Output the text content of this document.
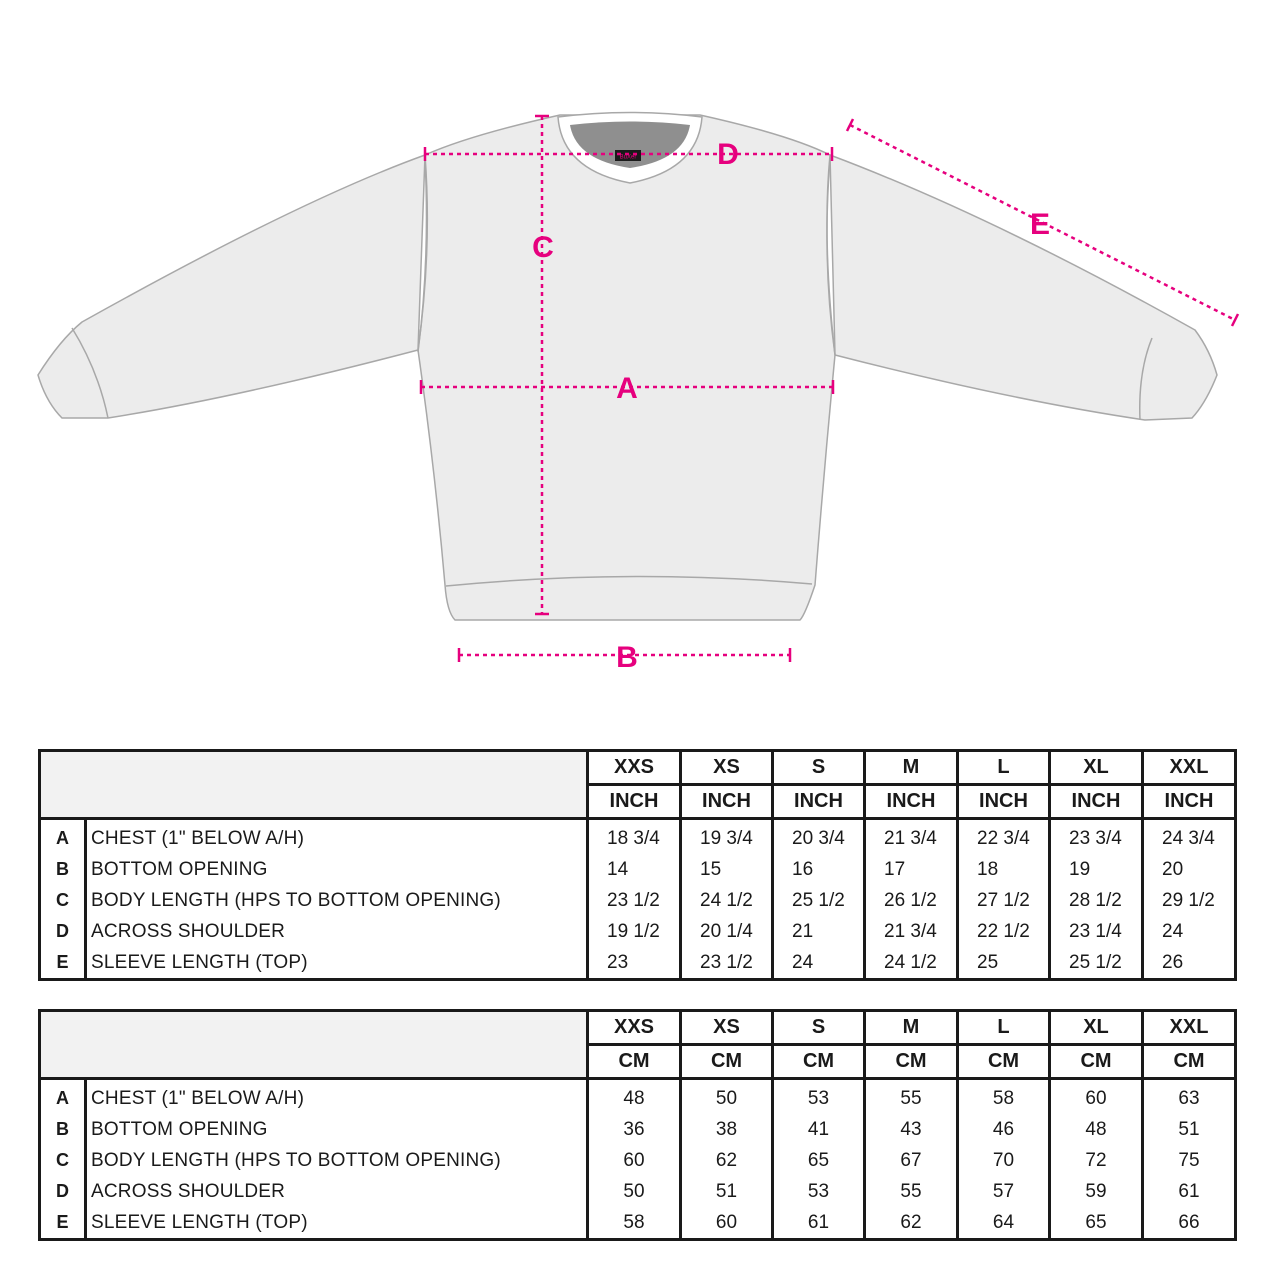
BuXer	D
C
A
B
E
		XXS	XS	S	M	L	XL	XXL
		INCH	INCH	INCH	INCH	INCH	INCH	INCH
A	CHEST (1" BELOW A/H)	18 3/4	19 3/4	20 3/4	21 3/4	22 3/4	23 3/4	24 3/4
B	BOTTOM OPENING	14	15	16	17	18	19	20
C	BODY LENGTH (HPS TO BOTTOM OPENING)	23 1/2	24 1/2	25 1/2	26 1/2	27 1/2	28 1/2	29 1/2
D	ACROSS SHOULDER	19 1/2	20 1/4	21	21 3/4	22 1/2	23 1/4	24
E	SLEEVE LENGTH (TOP)	23	23 1/2	24	24 1/2	25	25 1/2	26
		XXS	XS	S	M	L	XL	XXL
		CM	CM	CM	CM	CM	CM	CM
A	CHEST (1" BELOW A/H)	48	50	53	55	58	60	63
B	BOTTOM OPENING	36	38	41	43	46	48	51
C	BODY LENGTH (HPS TO BOTTOM OPENING)	60	62	65	67	70	72	75
D	ACROSS SHOULDER	50	51	53	55	57	59	61
E	SLEEVE LENGTH (TOP)	58	60	61	62	64	65	66
